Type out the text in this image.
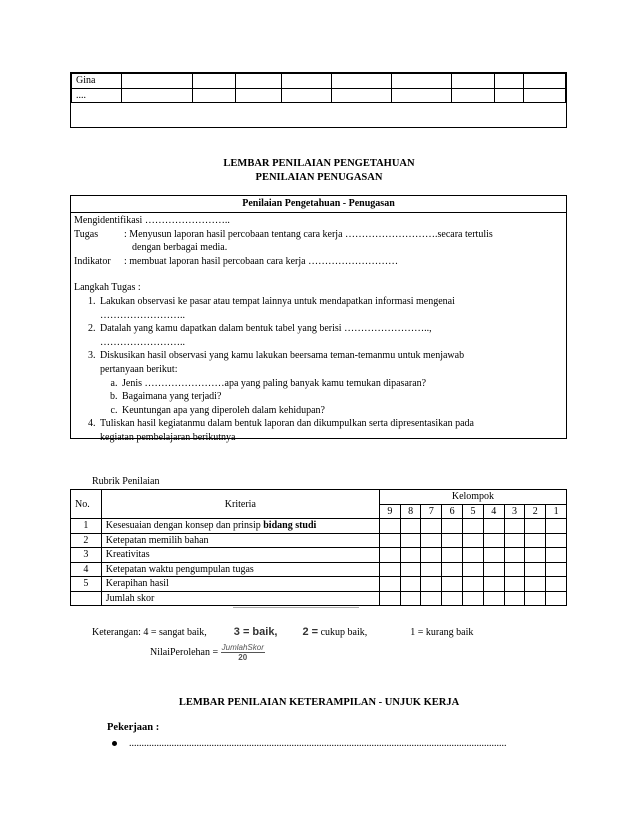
Gina									
....									
LEMBAR PENILAIAN PENGETAHUAN
PENILAIAN PENUGASAN
Penilaian Pengetahuan - Penugasan
Mengidentifikasi ……………………..
Tugas	: Menyusun laporan hasil percobaan tentang cara kerja ……………………….secara tertulis
dengan berbagai media.
Indikator	: membuat laporan hasil percobaan cara kerja ………………………
Langkah Tugas :
1. Lakukan observasi ke pasar atau tempat lainnya untuk mendapatkan informasi mengenai
……………………..
2. Datalah yang kamu dapatkan dalam bentuk tabel yang berisi ……………………..,
……………………..
3. Diskusikan hasil observasi yang kamu lakukan beersama teman-temanmu untuk menjawab
pertanyaan berikut:
a. Jenis ……………………apa yang paling banyak kamu temukan dipasaran?
b. Bagaimana yang terjadi?
c. Keuntungan apa yang diperoleh dalam kehidupan?
4. Tuliskan hasil kegiatanmu dalam bentuk laporan dan dikumpulkan serta dipresentasikan pada
kegiatan pembelajaran berikutnya
Rubrik Penilaian
No.	Kriteria	Kelompok								
		9	8	7	6	5	4	3	2	1
1	Kesesuaian dengan konsep dan prinsip bidang studi									
2	Ketepatan memilih bahan									
3	Kreativitas									
4	Ketepatan waktu pengumpulan tugas									
5	Kerapihan hasil									
	Jumlah skor									
Keterangan: 4 = sangat baik, 3 = baik, 2 = cukup baik,	1 = kurang baik
NilaiPerolehan = $\frac{\text{JumlahSkor}}{20}$
LEMBAR PENILAIAN KETERAMPILAN - UNJUK KERJA
Pekerjaan :
.......................................................................................................................................................
